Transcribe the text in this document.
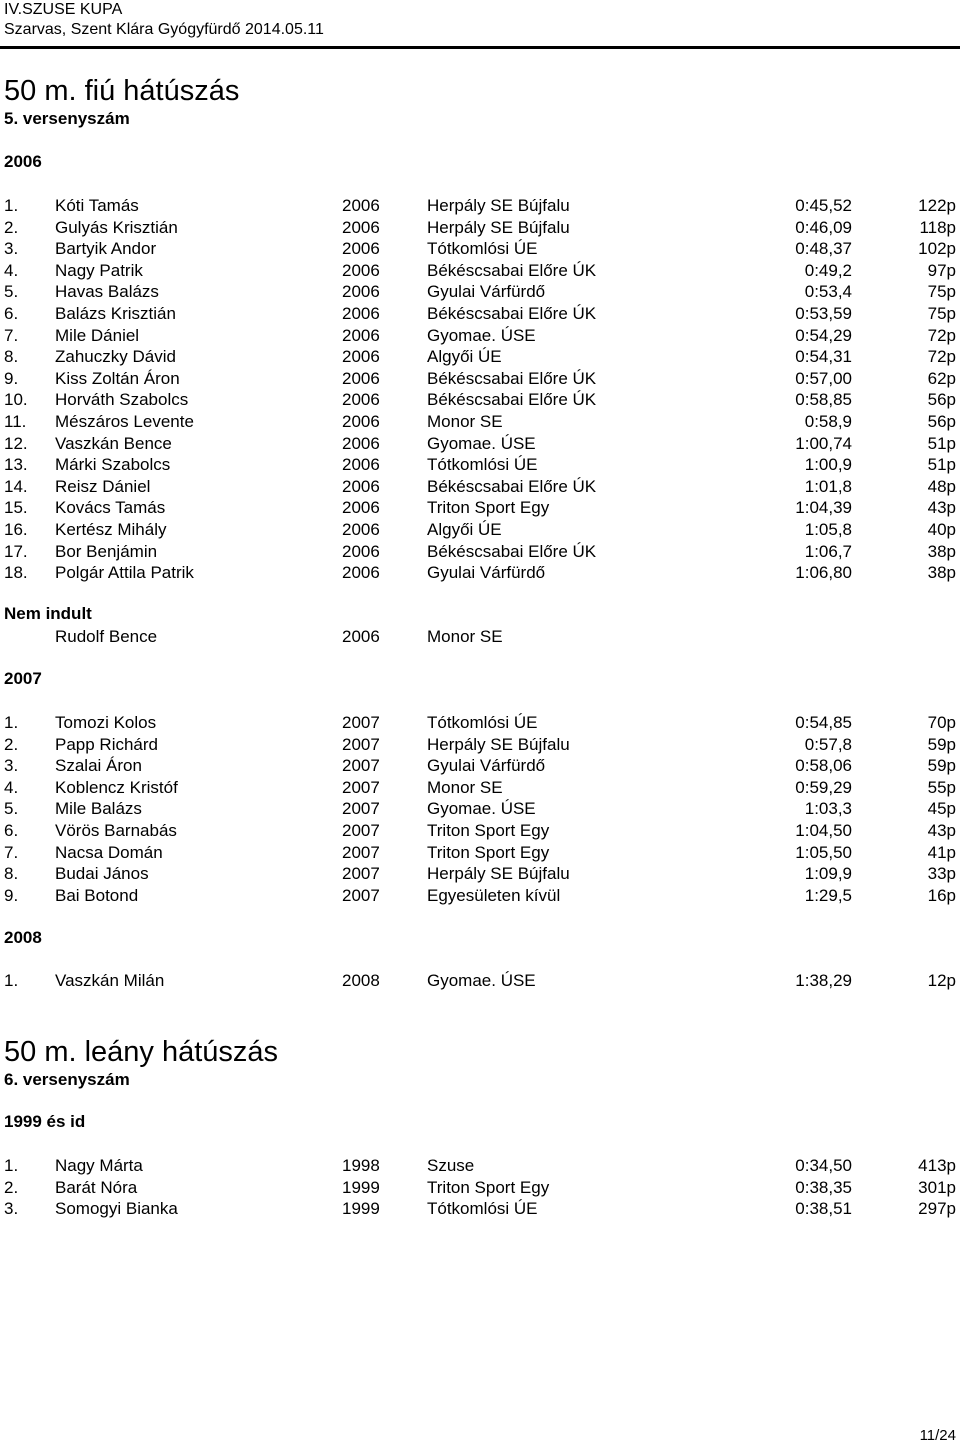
IV.SZUSE KUPA
Szarvas, Szent Klára Gyógyfürdő 2014.05.11
50 m. fiú hátúszás
5. versenyszám
2006
1. Kóti Tamás	2006	Herpály SE Bújfalu	0:45,52	122p
2. Gulyás Krisztián	2006	Herpály SE Bújfalu	0:46,09	118p
3. Bartyik Andor	2006	Tótkomlósi ÚE	0:48,37	102p
4. Nagy Patrik	2006	Békéscsabai Előre ÚK	0:49,2	97p
5. Havas Balázs	2006	Gyulai Várfürdő	0:53,4	75p
6. Balázs Krisztián	2006	Békéscsabai Előre ÚK	0:53,59	75p
7. Mile Dániel	2006	Gyomae. ÚSE	0:54,29	72p
8. Zahuczky Dávid	2006	Algyői ÚE	0:54,31	72p
9. Kiss Zoltán Áron	2006	Békéscsabai Előre ÚK	0:57,00	62p
10. Horváth Szabolcs	2006	Békéscsabai Előre ÚK	0:58,85	56p
11. Mészáros Levente	2006	Monor SE	0:58,9	56p
12. Vaszkán Bence	2006	Gyomae. ÚSE	1:00,74	51p
13. Márki Szabolcs	2006	Tótkomlósi ÚE	1:00,9	51p
14. Reisz Dániel	2006	Békéscsabai Előre ÚK	1:01,8	48p
15. Kovács Tamás	2006	Triton Sport Egy	1:04,39	43p
16. Kertész Mihály	2006	Algyői ÚE	1:05,8	40p
17. Bor Benjámin	2006	Békéscsabai Előre ÚK	1:06,7	38p
18. Polgár Attila Patrik	2006	Gyulai Várfürdő	1:06,80	38p
Nem indult
Rudolf Bence	2006	Monor SE
2007
1. Tomozi Kolos	2007	Tótkomlósi ÚE	0:54,85	70p
2. Papp Richárd	2007	Herpály SE Bújfalu	0:57,8	59p
3. Szalai Áron	2007	Gyulai Várfürdő	0:58,06	59p
4. Koblencz Kristóf	2007	Monor SE	0:59,29	55p
5. Mile Balázs	2007	Gyomae. ÚSE	1:03,3	45p
6. Vörös Barnabás	2007	Triton Sport Egy	1:04,50	43p
7. Nacsa Domán	2007	Triton Sport Egy	1:05,50	41p
8. Budai János	2007	Herpály SE Bújfalu	1:09,9	33p
9. Bai Botond	2007	Egyesületen kívül	1:29,5	16p
2008
1. Vaszkán Milán	2008	Gyomae. ÚSE	1:38,29	12p
50 m. leány hátúszás
6. versenyszám
1999 és id
1. Nagy Márta	1998	Szuse	0:34,50	413p
2. Barát Nóra	1999	Triton Sport Egy	0:38,35	301p
3. Somogyi Bianka	1999	Tótkomlósi ÚE	0:38,51	297p
11/24
